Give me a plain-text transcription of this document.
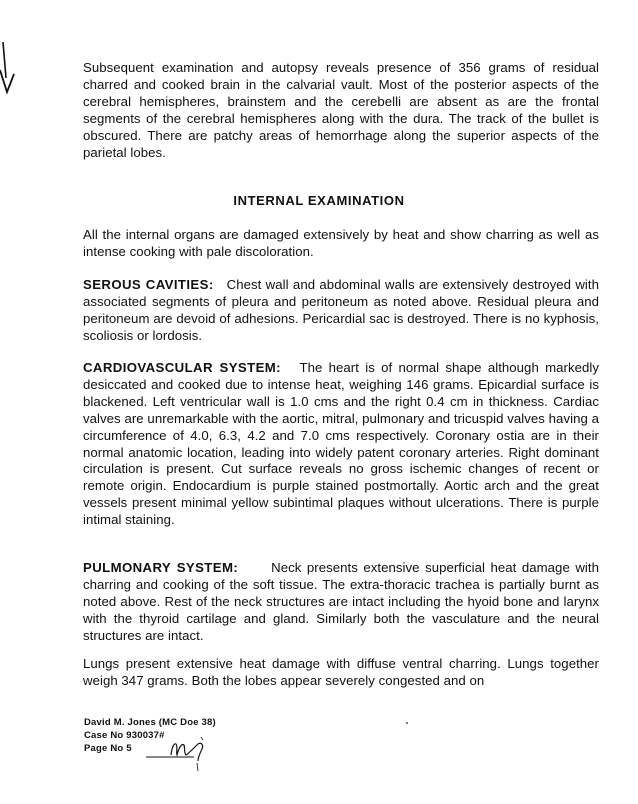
Subsequent examination and autopsy reveals presence of 356 grams of residual charred and cooked brain in the calvarial vault. Most of the posterior aspects of the cerebral hemispheres, brainstem and the cerebelli are absent as are the frontal segments of the cerebral hemispheres along with the dura. The track of the bullet is obscured. There are patchy areas of hemorrhage along the superior aspects of the parietal lobes.
INTERNAL EXAMINATION
All the internal organs are damaged extensively by heat and show charring as well as intense cooking with pale discoloration.
SEROUS CAVITIES: Chest wall and abdominal walls are extensively destroyed with associated segments of pleura and peritoneum as noted above. Residual pleura and peritoneum are devoid of adhesions. Pericardial sac is destroyed. There is no kyphosis, scoliosis or lordosis.
CARDIOVASCULAR SYSTEM: The heart is of normal shape although markedly desiccated and cooked due to intense heat, weighing 146 grams. Epicardial surface is blackened. Left ventricular wall is 1.0 cms and the right 0.4 cm in thickness. Cardiac valves are unremarkable with the aortic, mitral, pulmonary and tricuspid valves having a circumference of 4.0, 6.3, 4.2 and 7.0 cms respectively. Coronary ostia are in their normal anatomic location, leading into widely patent coronary arteries. Right dominant circulation is present. Cut surface reveals no gross ischemic changes of recent or remote origin. Endocardium is purple stained postmortally. Aortic arch and the great vessels present minimal yellow subintimal plaques without ulcerations. There is purple intimal staining.
PULMONARY SYSTEM:	Neck presents extensive superficial heat damage with charring and cooking of the soft tissue. The extra-thoracic trachea is partially burnt as noted above. Rest of the neck structures are intact including the hyoid bone and larynx with the thyroid cartilage and gland. Similarly both the vasculature and the neural structures are intact.
Lungs present extensive heat damage with diffuse ventral charring. Lungs together weigh 347 grams. Both the lobes appear severely congested and on
David M. Jones (MC Doe 38)
Case No 930037#
Page No 5
